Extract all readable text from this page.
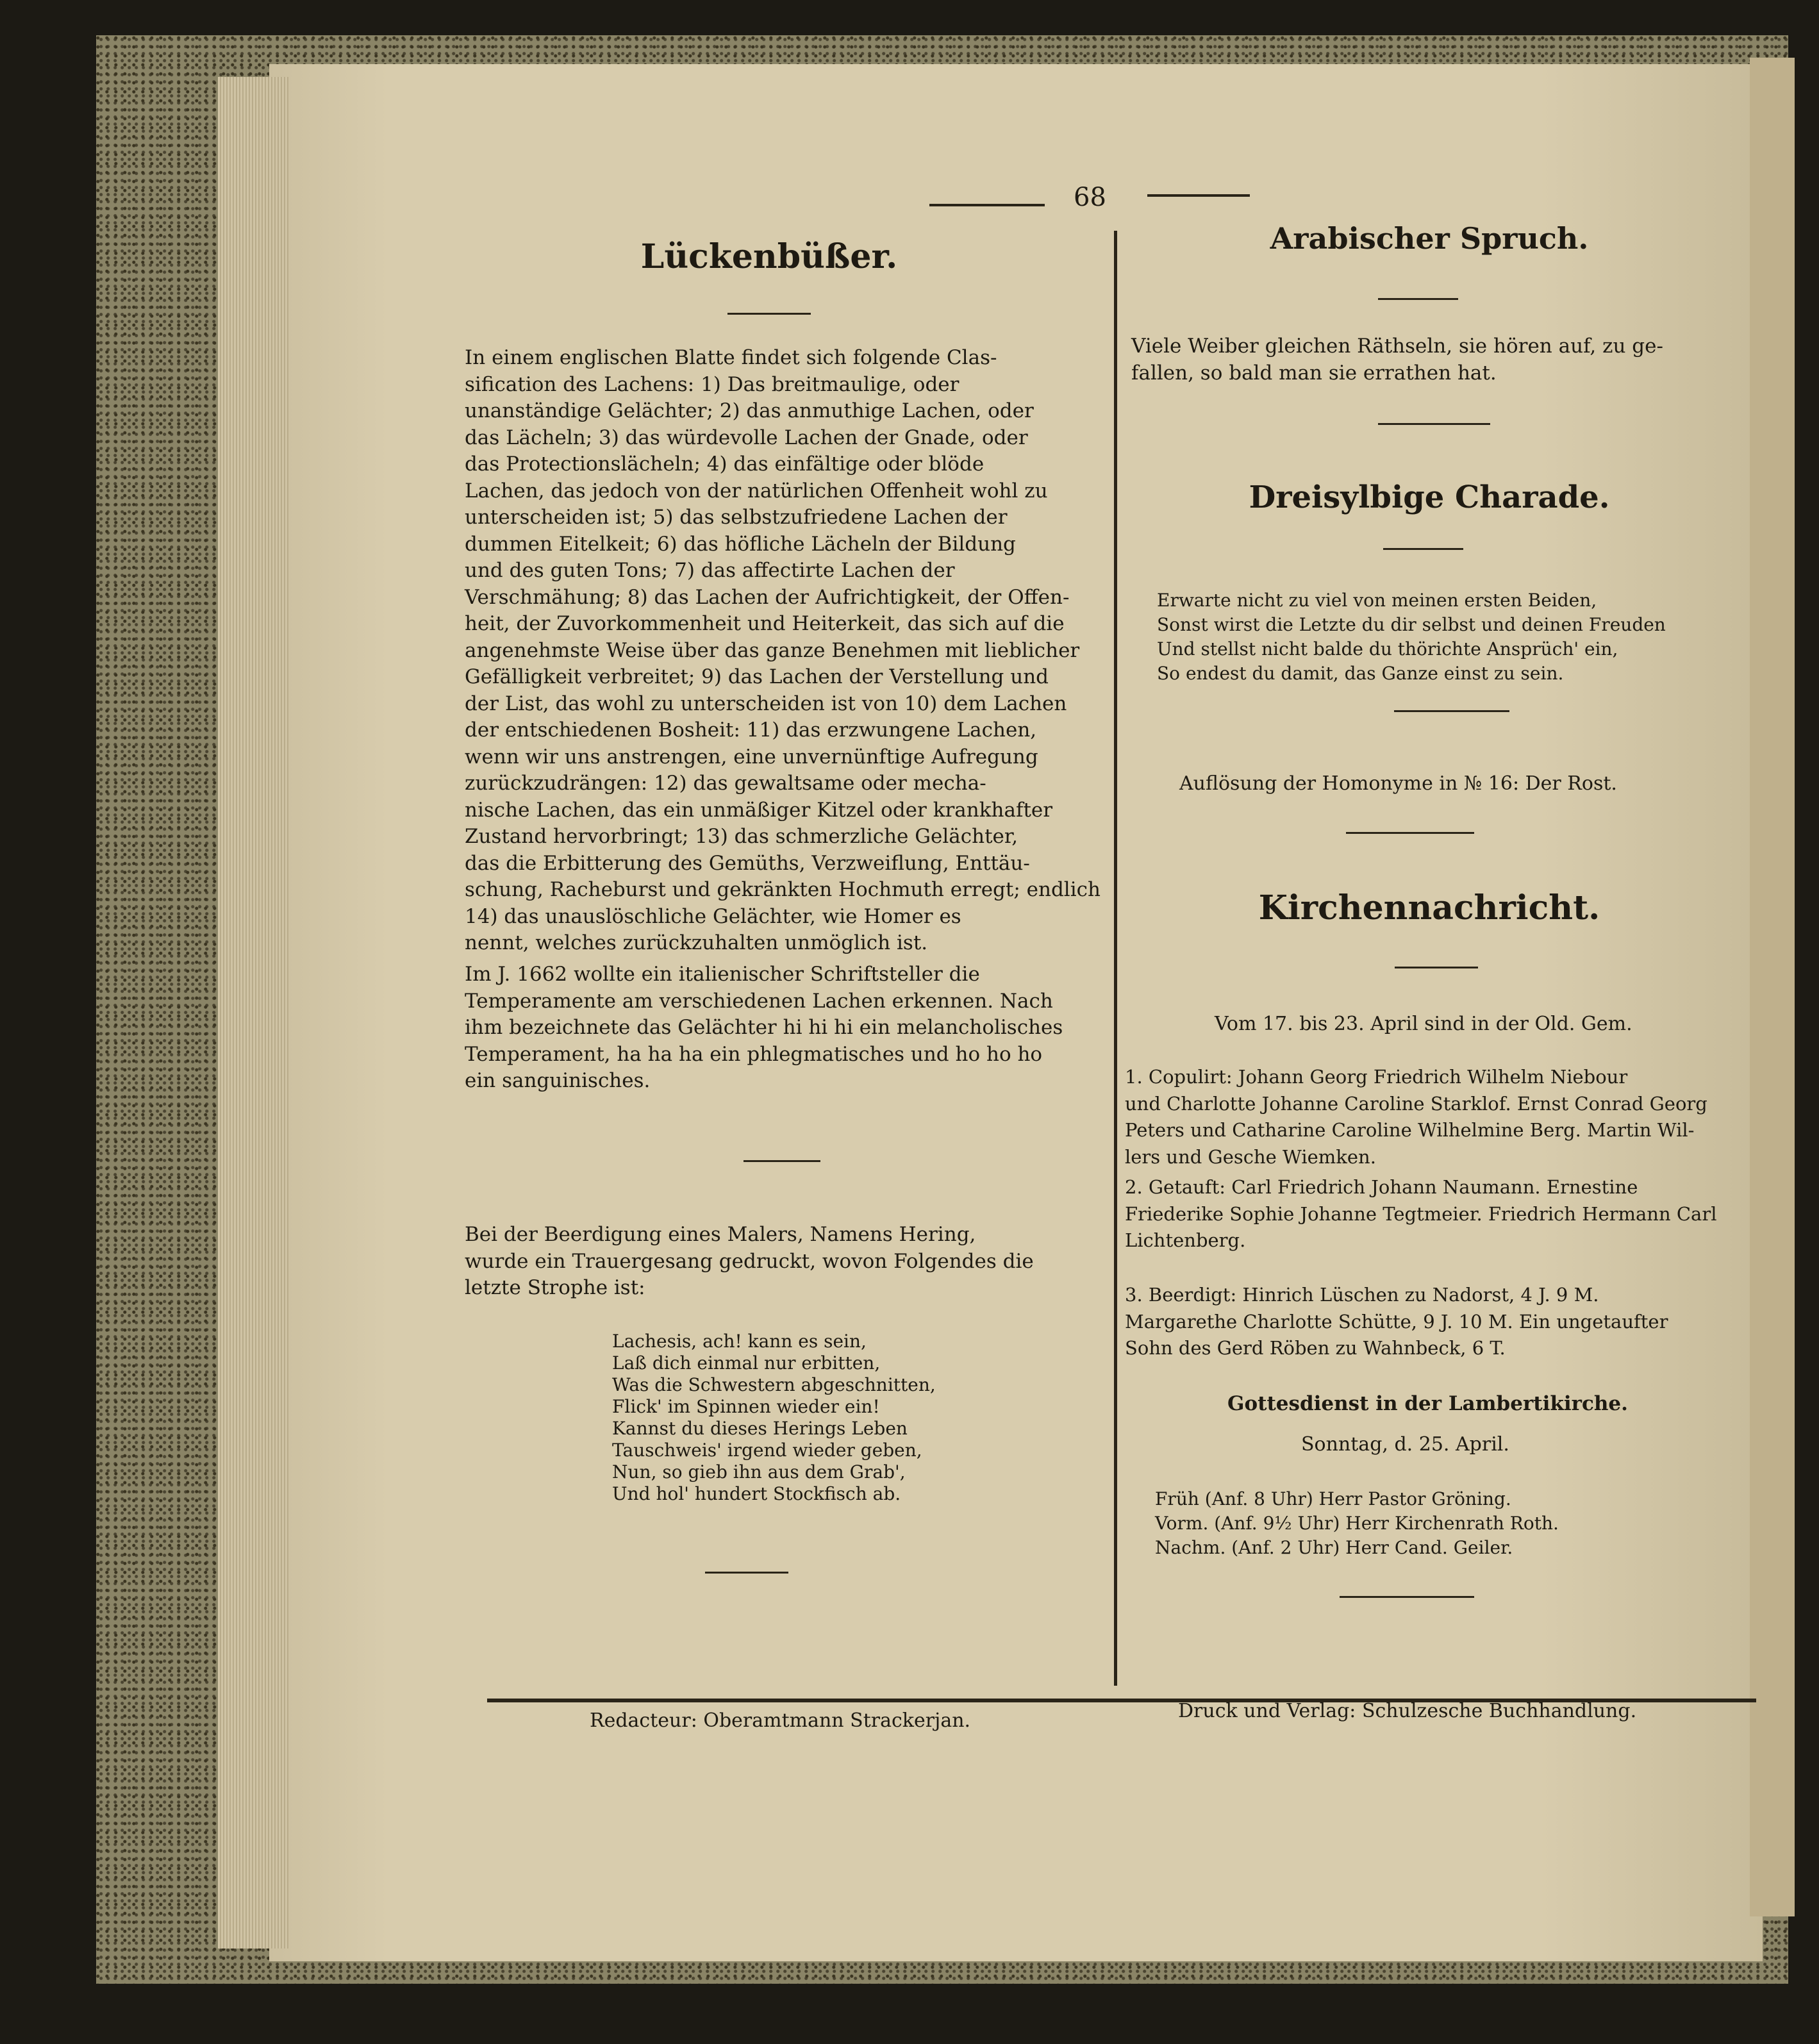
68
Lückenbüßer.
In einem englischen Blatte findet sich folgende Clas-
sification des Lachens: 1) Das breitmaulige, oder
unanständige Gelächter; 2) das anmuthige Lachen, oder
das Lächeln; 3) das würdevolle Lachen der Gnade, oder
das Protectionslächeln; 4) das einfältige oder blöde
Lachen, das jedoch von der natürlichen Offenheit wohl zu
unterscheiden ist; 5) das selbstzufriedene Lachen der
dummen Eitelkeit; 6) das höfliche Lächeln der Bildung
und des guten Tons; 7) das affectirte Lachen der
Verschmähung; 8) das Lachen der Aufrichtigkeit, der Offen-
heit, der Zuvorkommenheit und Heiterkeit, das sich auf die
angenehmste Weise über das ganze Benehmen mit lieblicher
Gefälligkeit verbreitet; 9) das Lachen der Verstellung und
der List, das wohl zu unterscheiden ist von 10) dem Lachen
der entschiedenen Bosheit: 11) das erzwungene Lachen,
wenn wir uns anstrengen, eine unvernünftige Aufregung
zurückzudrängen: 12) das gewaltsame oder mecha-
nische Lachen, das ein unmäßiger Kitzel oder krankhafter
Zustand hervorbringt; 13) das schmerzliche Gelächter,
das die Erbitterung des Gemüths, Verzweiflung, Enttäu-
schung, Racheburst und gekränkten Hochmuth erregt; endlich
14) das unauslöschliche Gelächter, wie Homer es
nennt, welches zurückzuhalten unmöglich ist.
Im J. 1662 wollte ein italienischer Schriftsteller die
Temperamente am verschiedenen Lachen erkennen. Nach
ihm bezeichnete das Gelächter hi hi hi ein melancholisches
Temperament, ha ha ha ein phlegmatisches und ho ho ho
ein sanguinisches.
Bei der Beerdigung eines Malers, Namens Hering,
wurde ein Trauergesang gedruckt, wovon Folgendes die
letzte Strophe ist:
Lachesis, ach! kann es sein,
Laß dich einmal nur erbitten,
Was die Schwestern abgeschnitten,
Flick' im Spinnen wieder ein!
Kannst du dieses Herings Leben
Tauschweis' irgend wieder geben,
Nun, so gieb ihn aus dem Grab',
Und hol' hundert Stockfisch ab.
Arabischer Spruch.
Viele Weiber gleichen Räthseln, sie hören auf, zu ge-
fallen, so bald man sie errathen hat.
Dreisylbige Charade.
Erwarte nicht zu viel von meinen ersten Beiden,
Sonst wirst die Letzte du dir selbst und deinen Freuden
Und stellst nicht balde du thörichte Ansprüch' ein,
So endest du damit, das Ganze einst zu sein.
Auflösung der Homonyme in № 16: Der Rost.
Kirchennachricht.
Vom 17. bis 23. April sind in der Old. Gem.
1. Copulirt: Johann Georg Friedrich Wilhelm Niebour
und Charlotte Johanne Caroline Starklof. Ernst Conrad Georg
Peters und Catharine Caroline Wilhelmine Berg. Martin Wil-
lers und Gesche Wiemken.
2. Getauft: Carl Friedrich Johann Naumann. Ernestine
Friederike Sophie Johanne Tegtmeier. Friedrich Hermann Carl
Lichtenberg.
3. Beerdigt: Hinrich Lüschen zu Nadorst, 4 J. 9 M.
Margarethe Charlotte Schütte, 9 J. 10 M. Ein ungetaufter
Sohn des Gerd Röben zu Wahnbeck, 6 T.
Gottesdienst in der Lambertikirche.
Sonntag, d. 25. April.
Früh (Anf. 8 Uhr) Herr Pastor Gröning.
Vorm. (Anf. 9½ Uhr) Herr Kirchenrath Roth.
Nachm. (Anf. 2 Uhr) Herr Cand. Geiler.
Redacteur: Oberamtmann Strackerjan.	Druck und Verlag: Schulzesche Buchhandlung.
